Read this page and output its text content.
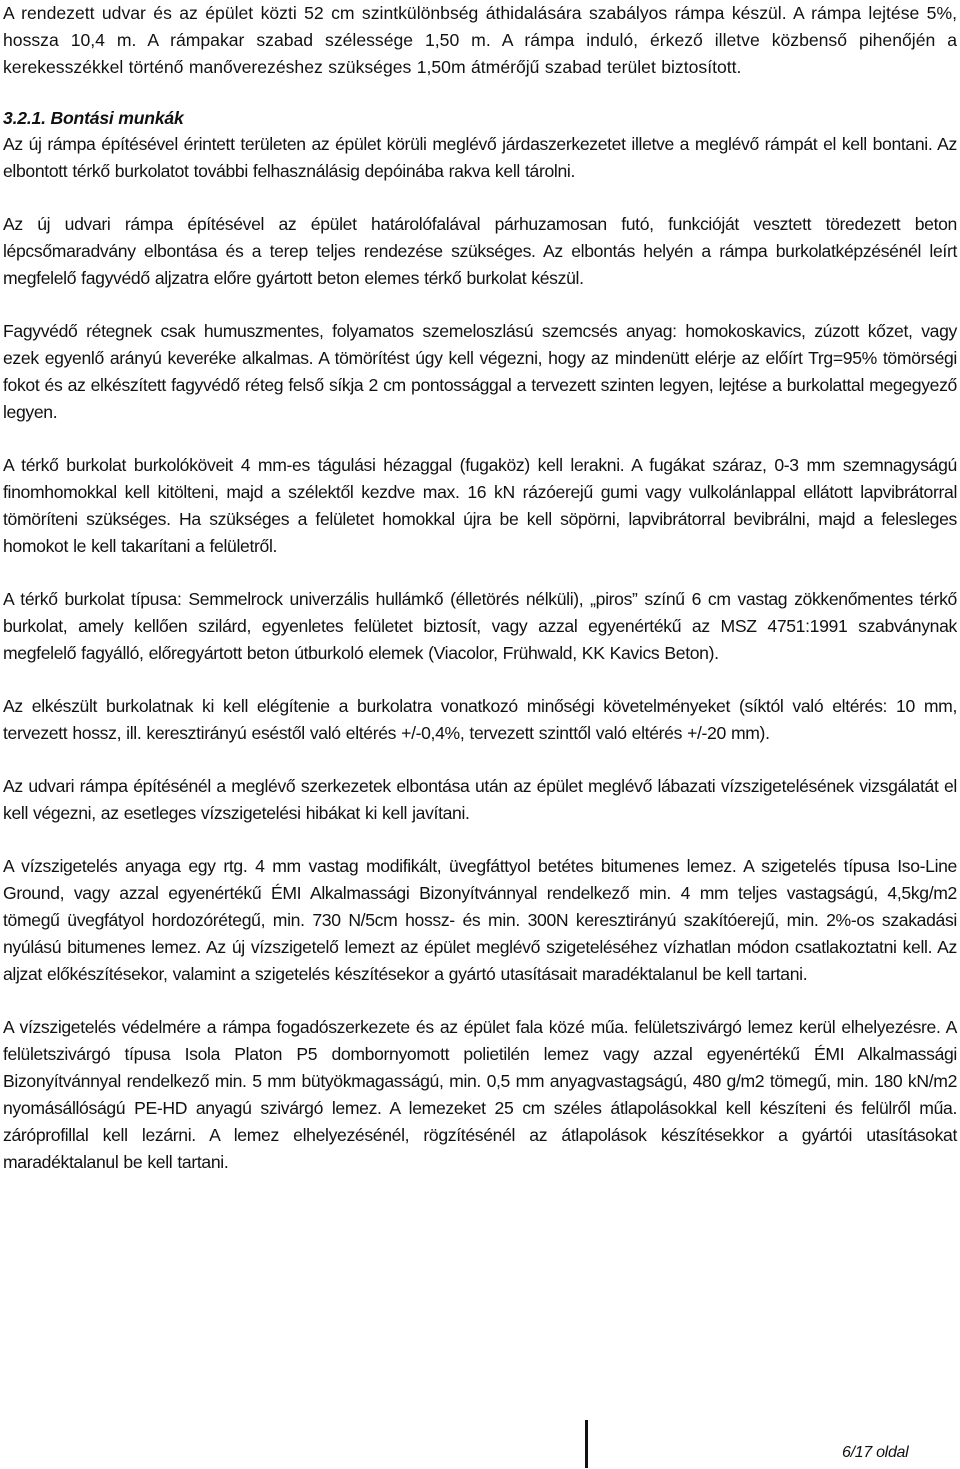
A rendezett udvar és az épület közti 52 cm szintkülönbség áthidalására szabályos rámpa készül. A rámpa lejtése 5%, hossza 10,4 m. A rámpakar szabad szélessége 1,50 m. A rámpa induló, érkező illetve közbenső pihenőjén a kerekesszékkel történő manőverezéshez szükséges 1,50m átmérőjű szabad terület biztosított.

3.2.1. Bontási munkák

Az új rámpa építésével érintett területen az épület körüli meglévő járdaszerkezetet illetve a meglévő rámpát el kell bontani. Az elbontott térkő burkolatot további felhasználásig depóinába rakva kell tárolni.

Az új udvari rámpa építésével az épület határolófalával párhuzamosan futó, funkcióját vesztett töredezett beton lépcsőmaradvány elbontása és a terep teljes rendezése szükséges. Az elbontás helyén a rámpa burkolatképzésénél leírt megfelelő fagyvédő aljzatra előre gyártott beton elemes térkő burkolat készül.

Fagyvédő rétegnek csak humuszmentes, folyamatos szemeloszlású szemcsés anyag: homokoskavics, zúzott kőzet, vagy ezek egyenlő arányú keveréke alkalmas. A tömörítést úgy kell végezni, hogy az mindenütt elérje az előírt Trg=95% tömörségi fokot és az elkészített fagyvédő réteg felső síkja 2 cm pontossággal a tervezett szinten legyen, lejtése a burkolattal megegyező legyen.

A térkő burkolat burkolóköveit 4 mm-es tágulási hézaggal (fugaköz) kell lerakni. A fugákat száraz, 0-3 mm szemnagyságú finomhomokkal kell kitölteni, majd a szélektől kezdve max. 16 kN rázóerejű gumi vagy vulkolánlappal ellátott lapvibrátorral tömöríteni szükséges. Ha szükséges a felületet homokkal újra be kell söpörni, lapvibrátorral bevibrálni, majd a felesleges homokot le kell takarítani a felületről.

A térkő burkolat típusa: Semmelrock univerzális hullámkő (élletörés nélküli), „piros” színű 6 cm vastag zökkenőmentes térkő burkolat, amely kellően szilárd, egyenletes felületet biztosít, vagy azzal egyenértékű az MSZ 4751:1991 szabványnak megfelelő fagyálló, előregyártott beton útburkoló elemek (Viacolor, Frühwald, KK Kavics Beton).

Az elkészült burkolatnak ki kell elégítenie a burkolatra vonatkozó minőségi követelményeket (síktól való eltérés: 10 mm, tervezett hossz, ill. keresztirányú eséstől való eltérés +/-0,4%, tervezett szinttől való eltérés +/-20 mm).

Az udvari rámpa építésénél a meglévő szerkezetek elbontása után az épület meglévő lábazati vízszigetelésének vizsgálatát el kell végezni, az esetleges vízszigetelési hibákat ki kell javítani.

A vízszigetelés anyaga egy rtg. 4 mm vastag modifikált, üvegfáttyol betétes bitumenes lemez. A szigetelés típusa Iso-Line Ground, vagy azzal egyenértékű ÉMI Alkalmassági Bizonyítvánnyal rendelkező min. 4 mm teljes vastagságú, 4,5kg/m2 tömegű üvegfátyol hordozórétegű, min. 730 N/5cm hossz- és min. 300N keresztirányú szakítóerejű, min. 2%-os szakadási nyúlású bitumenes lemez. Az új vízszigetelő lemezt az épület meglévő szigeteléséhez vízhatlan módon csatlakoztatni kell. Az aljzat előkészítésekor, valamint a szigetelés készítésekor a gyártó utasításait maradéktalanul be kell tartani.

A vízszigetelés védelmére a rámpa fogadószerkezete és az épület fala közé műa. felületszivárgó lemez kerül elhelyezésre. A felületszivárgó típusa Isola Platon P5 dombornyomott polietilén lemez vagy azzal egyenértékű ÉMI Alkalmassági Bizonyítvánnyal rendelkező min. 5 mm bütyökmagasságú, min. 0,5 mm anyagvastagságú, 480 g/m2 tömegű, min. 180 kN/m2 nyomásállóságú PE-HD anyagú szivárgó lemez. A lemezeket 25 cm széles átlapolásokkal kell készíteni és felülről műa. záróprofillal kell lezárni. A lemez elhelyezésénél, rögzítésénél az átlapolások készítésekkor a gyártói utasításokat maradéktalanul be kell tartani.

6/17 oldal
